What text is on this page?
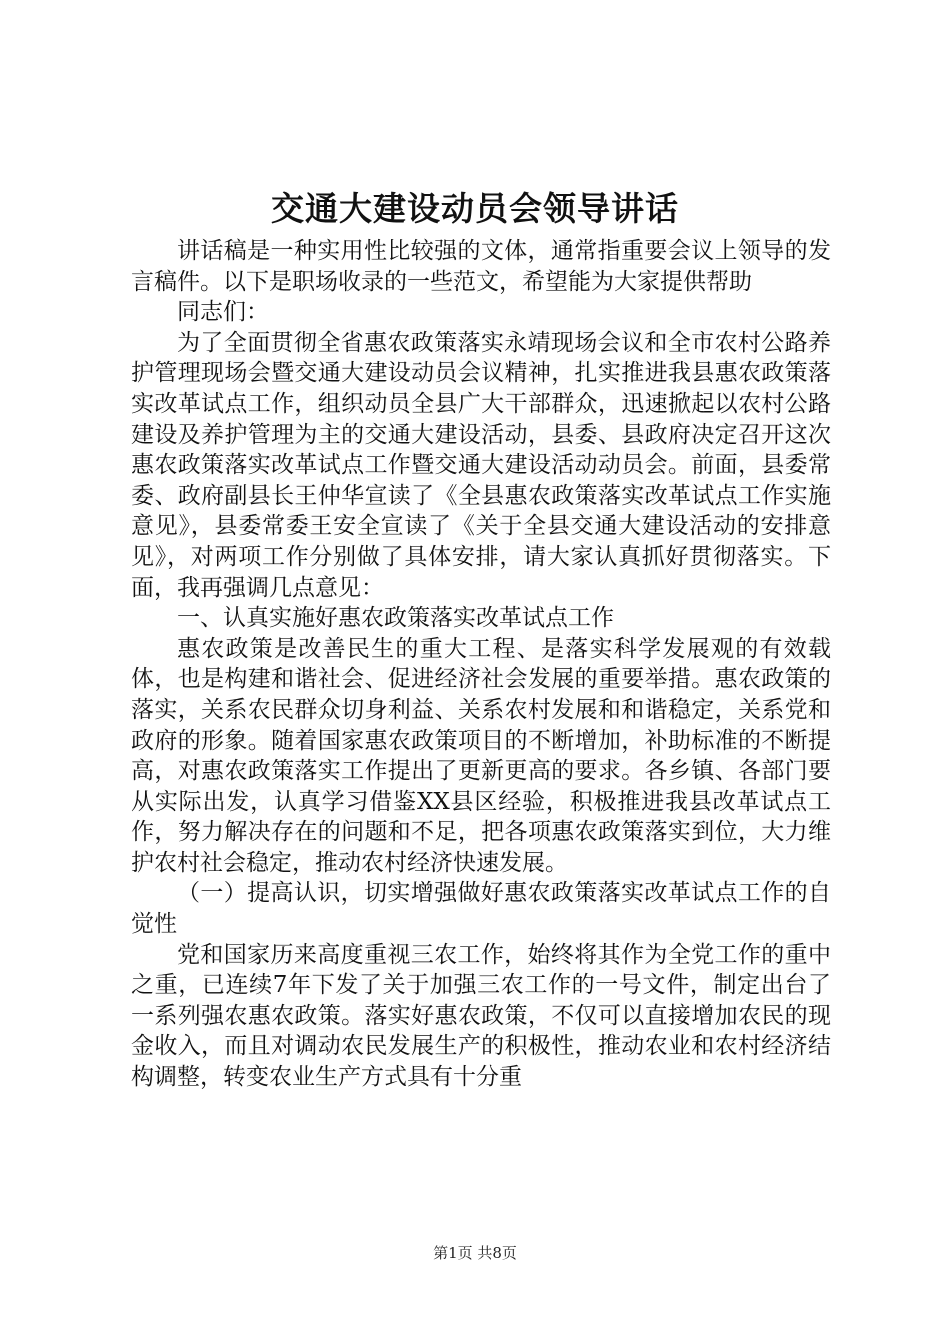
交通大建设动员会领导讲话

讲话稿是一种实用性比较强的文体，通常指重要会议上领导的发言稿件。以下是职场收录的一些范文，希望能为大家提供帮助

同志们：

为了全面贯彻全省惠农政策落实永靖现场会议和全市农村公路养护管理现场会暨交通大建设动员会议精神，扎实推进我县惠农政策落实改革试点工作，组织动员全县广大干部群众，迅速掀起以农村公路建设及养护管理为主的交通大建设活动，县委、县政府决定召开这次惠农政策落实改革试点工作暨交通大建设活动动员会。前面，县委常委、政府副县长王仲华宣读了《全县惠农政策落实改革试点工作实施意见》，县委常委王安全宣读了《关于全县交通大建设活动的安排意见》，对两项工作分别做了具体安排，请大家认真抓好贯彻落实。下面，我再强调几点意见：

一、认真实施好惠农政策落实改革试点工作

惠农政策是改善民生的重大工程、是落实科学发展观的有效载体，也是构建和谐社会、促进经济社会发展的重要举措。惠农政策的落实，关系农民群众切身利益、关系农村发展和和谐稳定，关系党和政府的形象。随着国家惠农政策项目的不断增加，补助标准的不断提高，对惠农政策落实工作提出了更新更高的要求。各乡镇、各部门要从实际出发，认真学习借鉴XX县区经验，积极推进我县改革试点工作，努力解决存在的问题和不足，把各项惠农政策落实到位，大力维护农村社会稳定，推动农村经济快速发展。

（一）提高认识，切实增强做好惠农政策落实改革试点工作的自觉性

党和国家历来高度重视三农工作，始终将其作为全党工作的重中之重，已连续7年下发了关于加强三农工作的一号文件，制定出台了一系列强农惠农政策。落实好惠农政策，不仅可以直接增加农民的现金收入，而且对调动农民发展生产的积极性，推动农业和农村经济结构调整，转变农业生产方式具有十分重

第1页 共8页
